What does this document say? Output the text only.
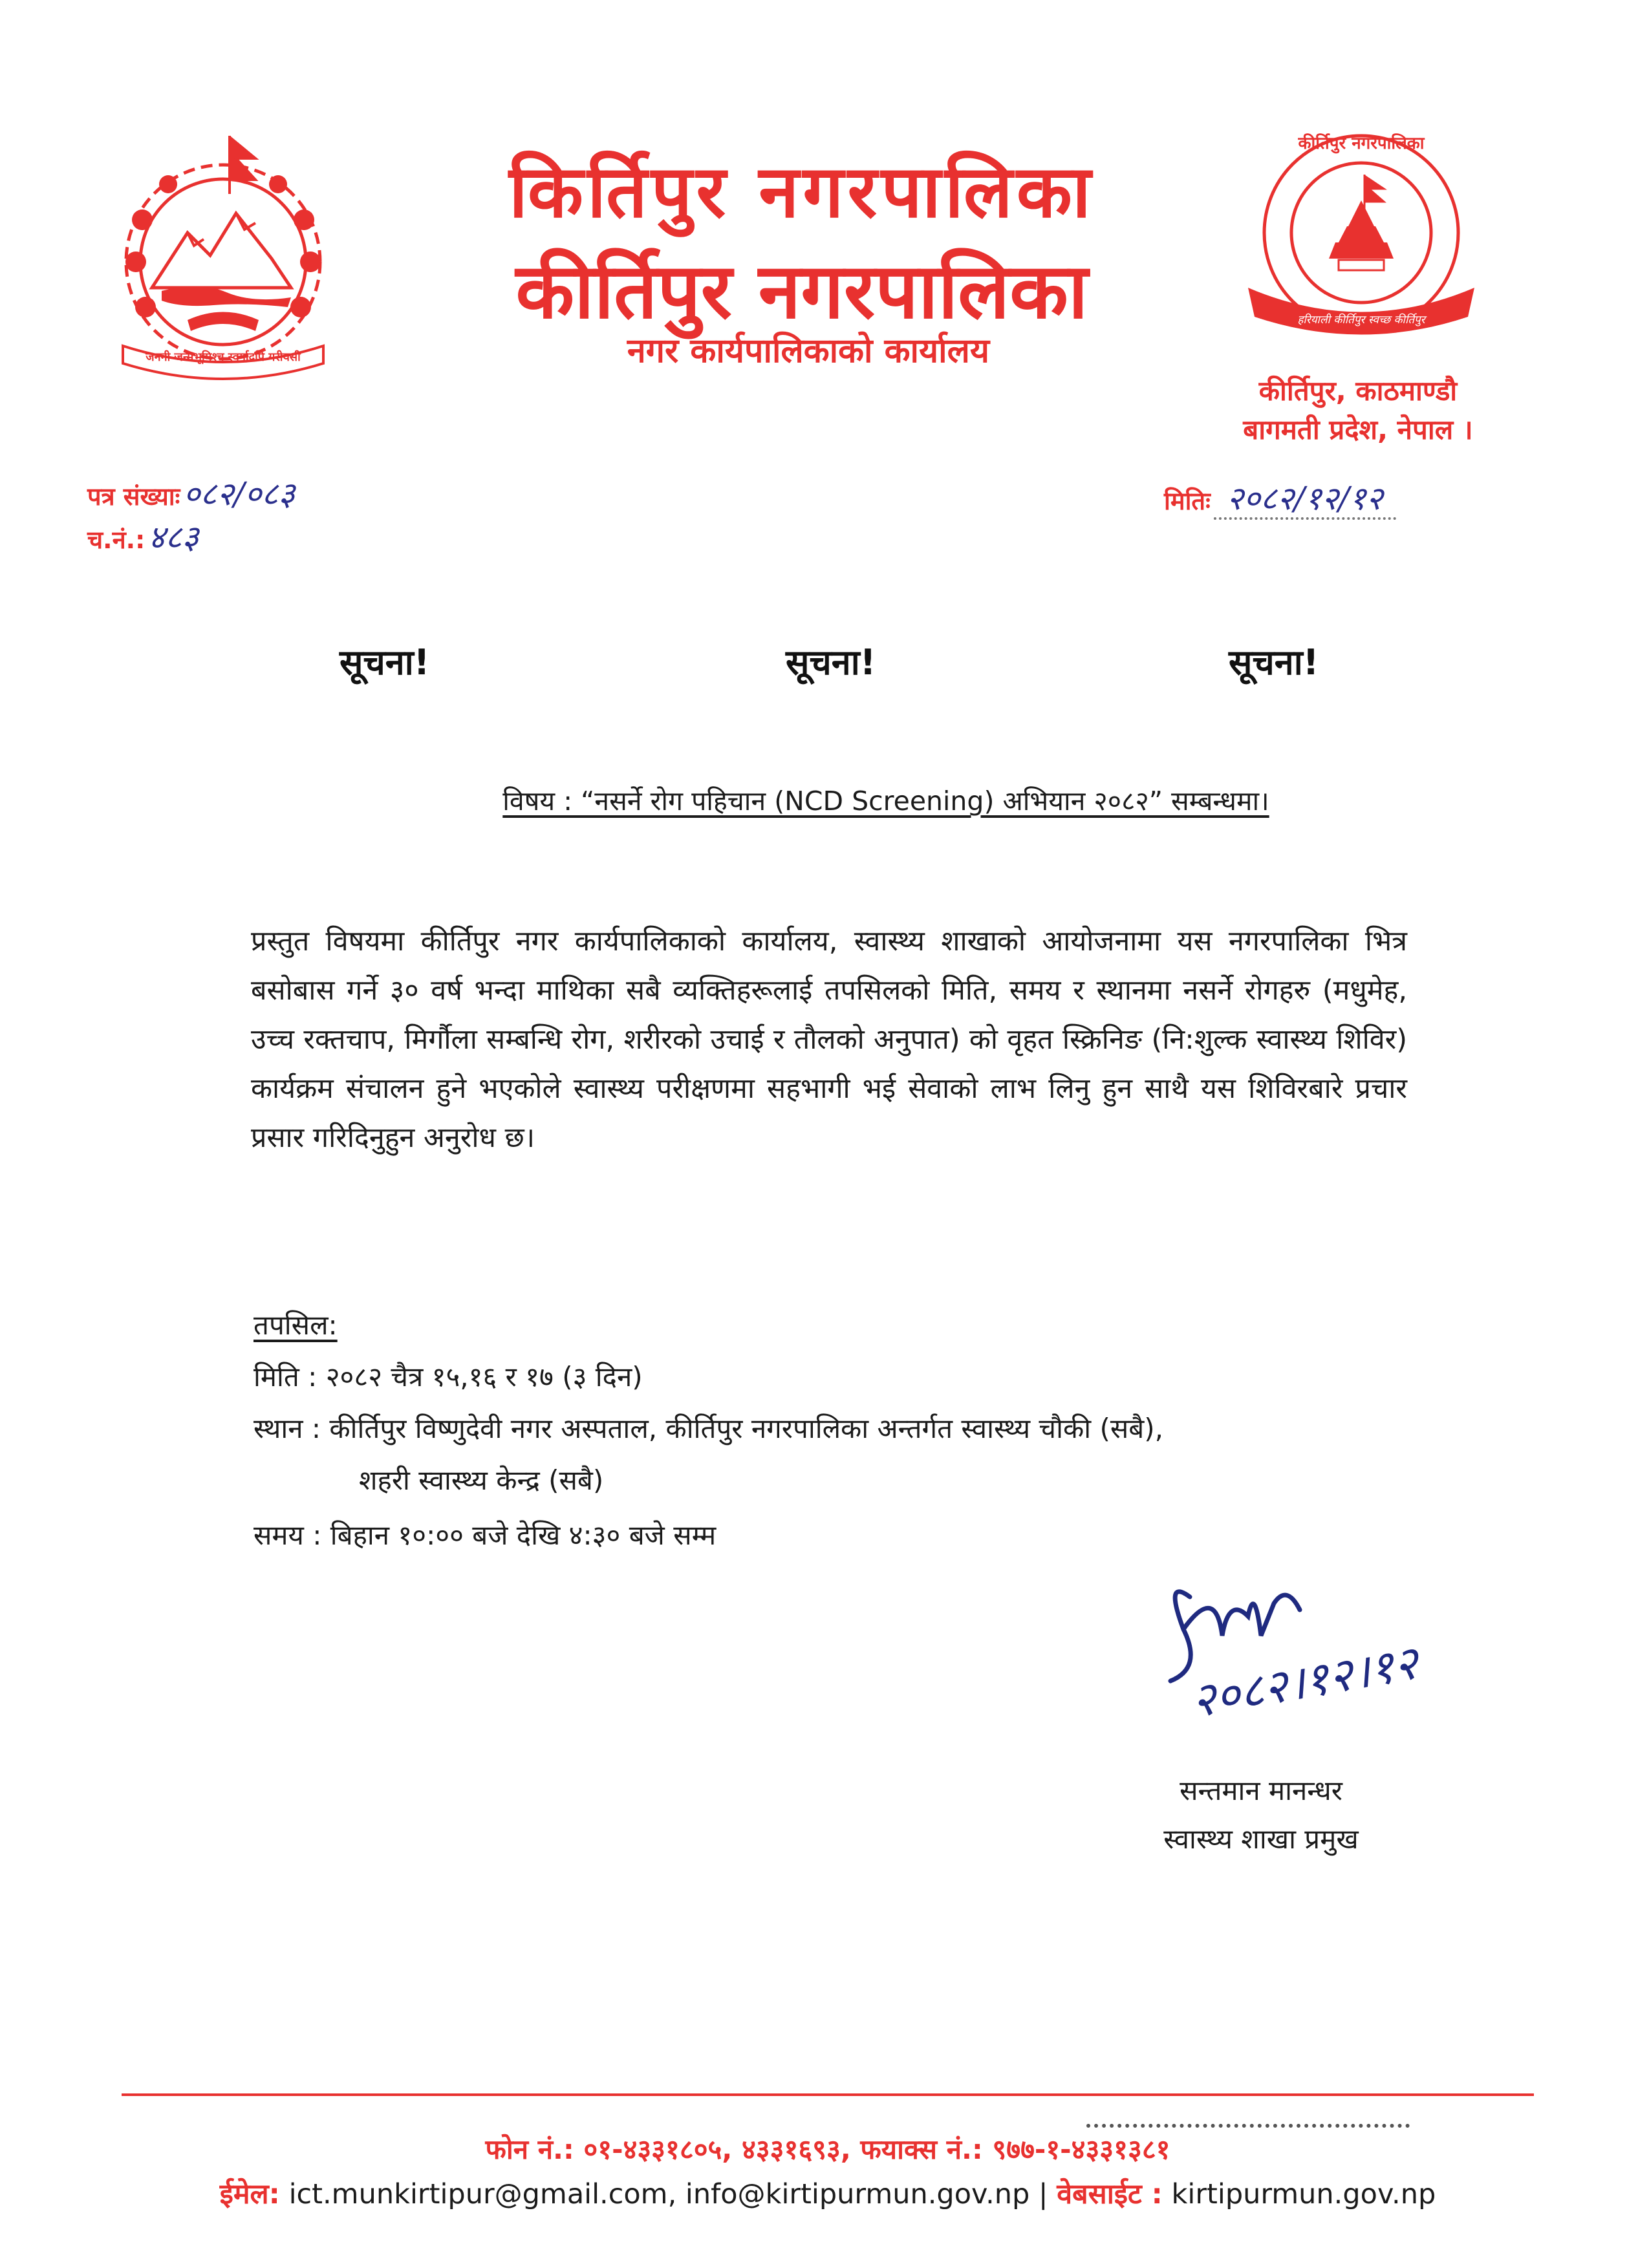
जननी जन्मभूमिश्च स्वर्गादपि गरीयसी
किर्तिपुर नगरपालिका
कीर्तिपुर नगरपालिका
नगर कार्यपालिकाको कार्यालय
कीर्तिपुर नगरपालिका
हरियाली कीर्तिपुर स्वच्छ कीर्तिपुर
कीर्तिपुर, काठमाण्डौ
बागमती प्रदेश, नेपाल ।
पत्र संख्याः ०८२/०८३
च.नं.: ४८३
मितिः २०८२/१२/१२
सूचना!	सूचना!	सूचना!
विषय : “नसर्ने रोग पहिचान (NCD Screening) अभियान २०८२” सम्बन्धमा।
प्रस्तुत विषयमा कीर्तिपुर नगर कार्यपालिकाको कार्यालय, स्वास्थ्य शाखाको आयोजनामा यस नगरपालिका भित्र बसोबास गर्ने ३० वर्ष भन्दा माथिका सबै व्यक्तिहरूलाई तपसिलको मिति, समय र स्थानमा नसर्ने रोगहरु (मधुमेह, उच्च रक्तचाप, मिर्गौला सम्बन्धि रोग, शरीरको उचाई र तौलको अनुपात) को वृहत स्क्रिनिङ (नि:शुल्क स्वास्थ्य शिविर) कार्यक्रम संचालन हुने भएकोले स्वास्थ्य परीक्षणमा सहभागी भई सेवाको लाभ लिनु हुन साथै यस शिविरबारे प्रचार प्रसार गरिदिनुहुन अनुरोध छ।
तपसिल:
मिति : २०८२ चैत्र १५,१६ र १७ (३ दिन)
स्थान : कीर्तिपुर विष्णुदेवी नगर अस्पताल, कीर्तिपुर नगरपालिका अन्तर्गत स्वास्थ्य चौकी (सबै),
शहरी स्वास्थ्य केन्द्र (सबै)
समय : बिहान १०:०० बजे देखि ४:३० बजे सम्म
२०८२।१२।१२
सन्तमान मानन्धर
स्वास्थ्य शाखा प्रमुख
फोन नं.: ०१-४३३१८०५, ४३३१६९३, फयाक्स नं.: ९७७-१-४३३१३८१
ईमेल: ict.munkirtipur@gmail.com, info@kirtipurmun.gov.np | वेबसाईट : kirtipurmun.gov.np
